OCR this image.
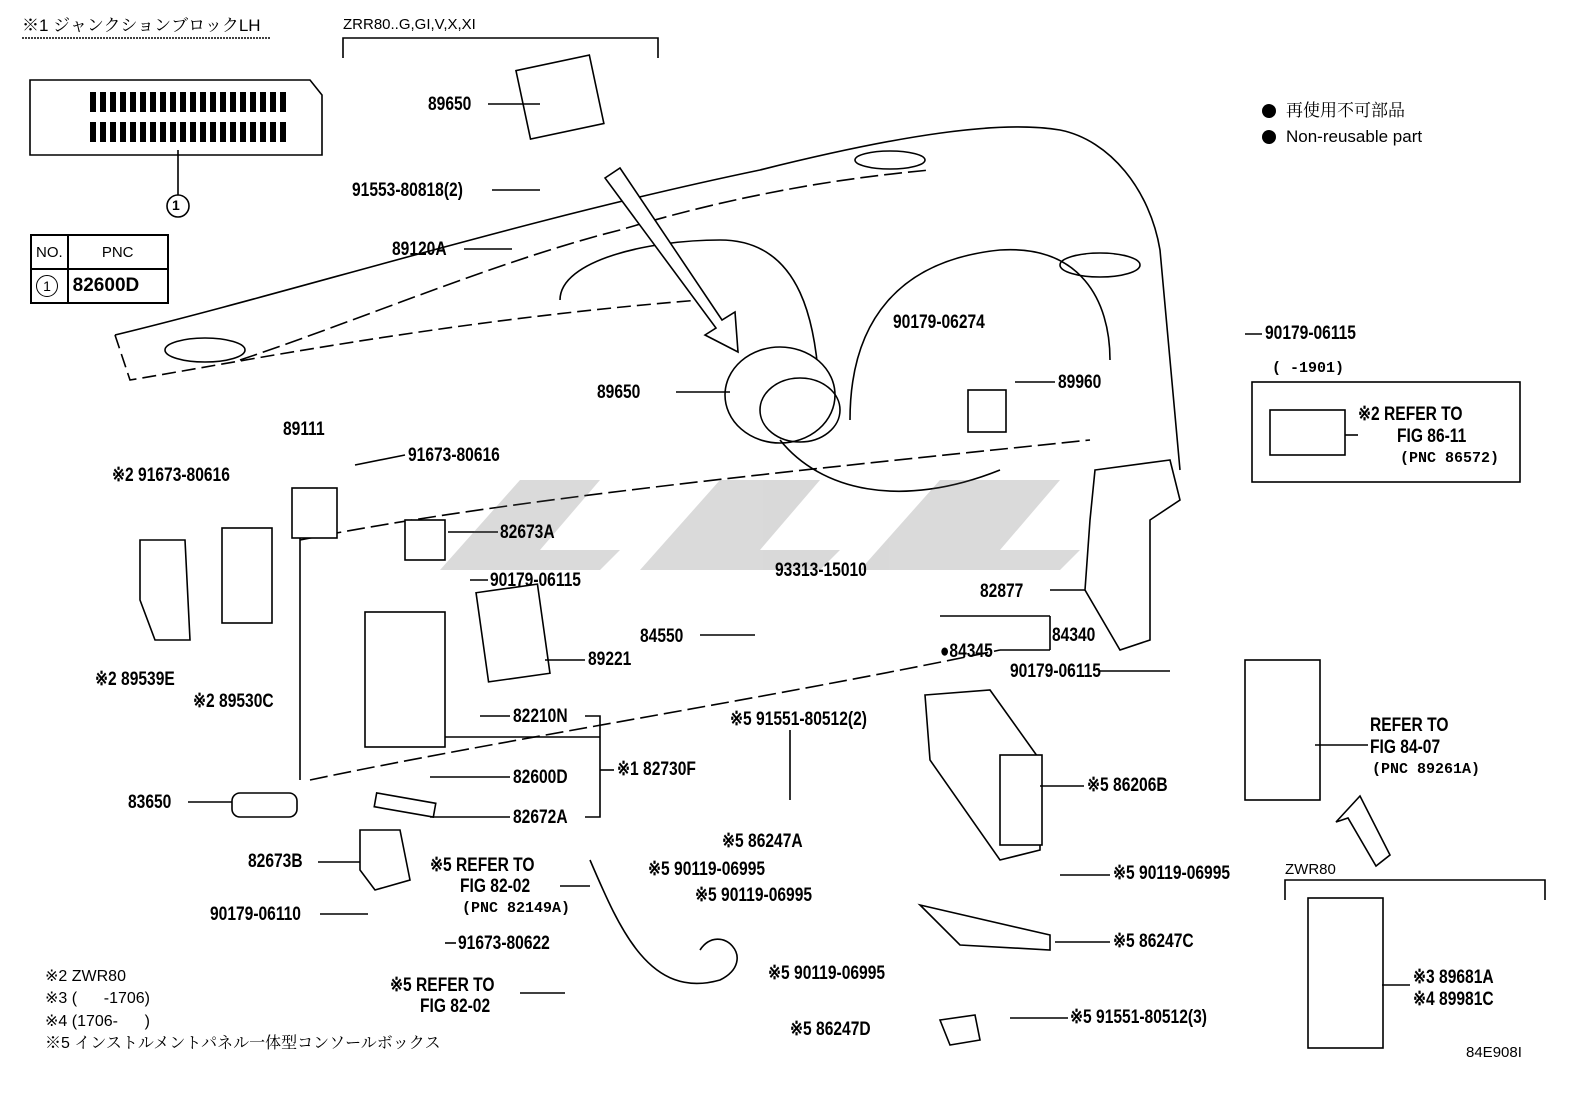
※1 ジャンクションブロックLH	ZRR80..G,GI,V,X,XI
1
NO.	PNC
1	82600D
再使用不可部品
Non-reusable part
89650
91553-80818(2)
89120A
89650
90179-06274
89960
90179-06115
( -1901)
89111
91673-80616
※2 91673-80616
82673A
90179-06115	93313-15010
82877
84550	84340
●84345
89221
90179-06115
※2 89539E
※2 89530C
82210N	※5 91551-80512(2)
※1 82730F
※5 86206B
83650
82600D
82672A
※5 86247A
82673B	※5 90119-06995	※5 90119-06995
90179-06110
※5 90119-06995
※5 86247C
91673-80622
※5 90119-06995	※3 89681A
※4 89981C
※5 91551-80512(3)
※5 86247D
※2 REFER TO
FIG 86-11
(PNC 86572)
REFER TO
FIG 84-07
(PNC 89261A)
※5 REFER TO
FIG 82-02
(PNC 82149A)
※5 REFER TO
FIG 82-02
ZWR80
※2 ZWR80
※3 (      -1706)
※4 (1706-      )
※5 インストルメントパネル一体型コンソールボックス
84E908I
